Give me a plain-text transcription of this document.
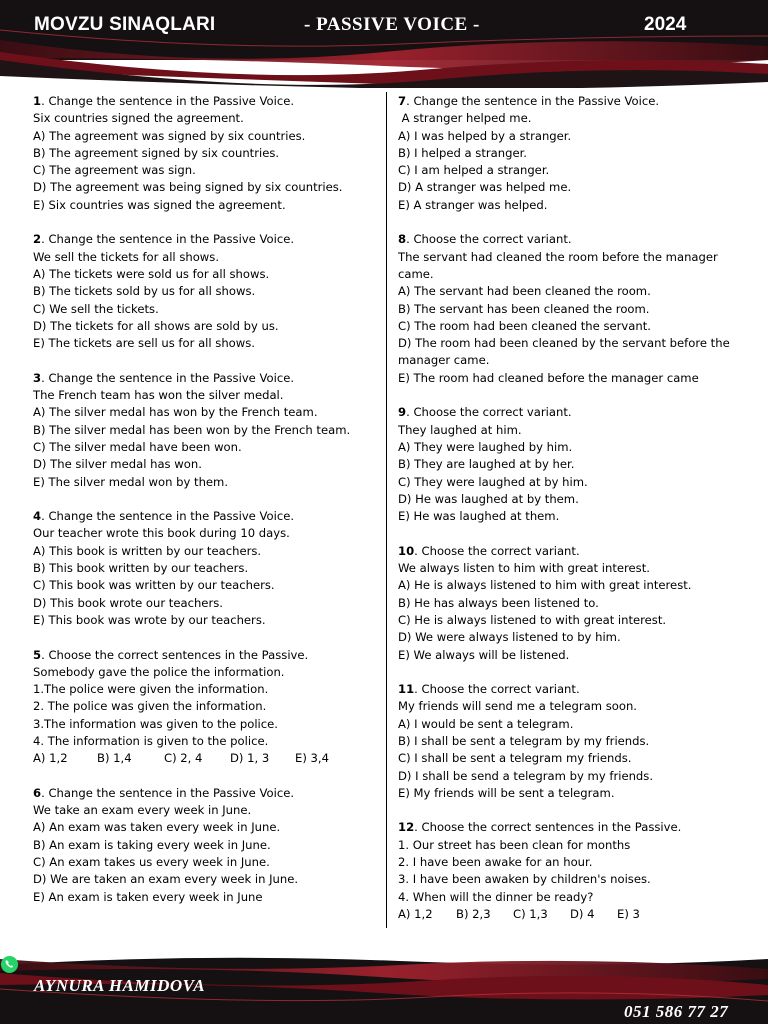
MOVZU SINAQLARI	- PASSIVE VOICE -	2024
1. Change the sentence in the Passive Voice.
Six countries signed the agreement.
A) The agreement was signed by six countries.
B) The agreement signed by six countries.
C) The agreement was sign.
D) The agreement was being signed by six countries.
E) Six countries was signed the agreement.
2. Change the sentence in the Passive Voice.
We sell the tickets for all shows.
A) The tickets were sold us for all shows.
B) The tickets sold by us for all shows.
C) We sell the tickets.
D) The tickets for all shows are sold by us.
E) The tickets are sell us for all shows.
3. Change the sentence in the Passive Voice.
The French team has won the silver medal.
A) The silver medal has won by the French team.
B) The silver medal has been won by the French team.
C) The silver medal have been won.
D) The silver medal has won.
E) The silver medal won by them.
4. Change the sentence in the Passive Voice.
Our teacher wrote this book during 10 days.
A) This book is written by our teachers.
B) This book written by our teachers.
C) This book was written by our teachers.
D) This book wrote our teachers.
E) This book was wrote by our teachers.
5. Choose the correct sentences in the Passive.
Somebody gave the police the information.
1.The police were given the information.
2. The police was given the information.
3.The information was given to the police.
4. The information is given to the police.
A) 1,2	B) 1,4	C) 2, 4 D) 1, 3 E) 3,4
6. Change the sentence in the Passive Voice.
We take an exam every week in June.
A) An exam was taken every week in June.
B) An exam is taking every week in June.
C) An exam takes us every week in June.
D) We are taken an exam every week in June.
E) An exam is taken every week in June
7. Change the sentence in the Passive Voice.
A stranger helped me.
A) I was helped by a stranger.
B) I helped a stranger.
C) I am helped a stranger.
D) A stranger was helped me.
E) A stranger was helped.
8. Choose the correct variant.
The servant had cleaned the room before the manager came.
A) The servant had been cleaned the room.
B) The servant has been cleaned the room.
C) The room had been cleaned the servant.
D) The room had been cleaned by the servant before the manager came.
E) The room had cleaned before the manager came
9. Choose the correct variant.
They laughed at him.
A) They were laughed by him.
B) They are laughed at by her.
C) They were laughed at by him.
D) He was laughed at by them.
E) He was laughed at them.
10. Choose the correct variant.
We always listen to him with great interest.
A) He is always listened to him with great interest.
B) He has always been listened to.
C) He is always listened to with great interest.
D) We were always listened to by him.
E) We always will be listened.
11. Choose the correct variant.
My friends will send me a telegram soon.
A) I would be sent a telegram.
B) I shall be sent a telegram by my friends.
C) I shall be sent a telegram my friends.
D) I shall be send a telegram by my friends.
E) My friends will be sent a telegram.
12. Choose the correct sentences in the Passive.
1. Our street has been clean for months
2. I have been awake for an hour.
3. I have been awaken by children's noises.
4. When will the dinner be ready?
A) 1,2 B) 2,3 C) 1,3 D) 4 E) 3
AYNURA HAMIDOVA
051 586 77 27
